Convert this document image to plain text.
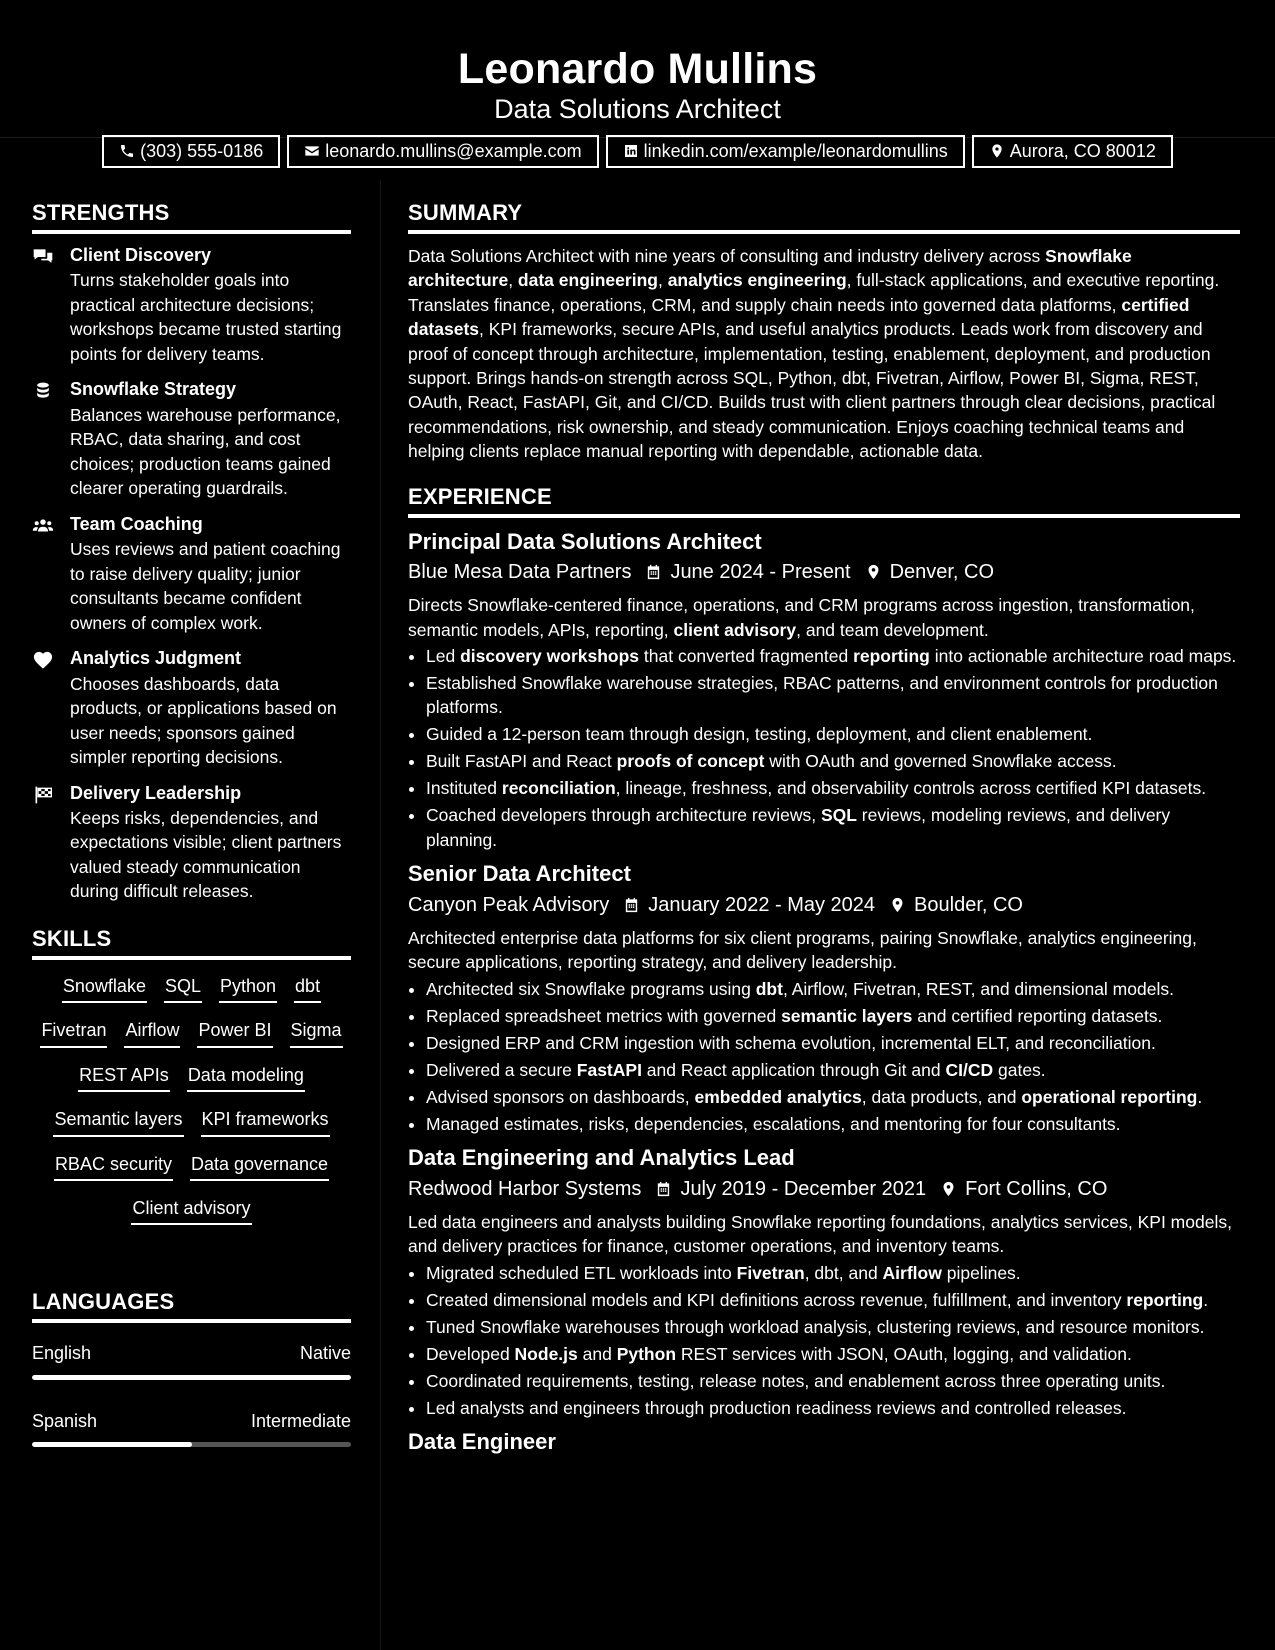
Leonardo Mullins
Data Solutions Architect
(303) 555-0186	leonardo.mullins@example.com	linkedin.com/example/leonardomullins	Aurora, CO 80012
STRENGTHS
Client Discovery
Turns stakeholder goals into practical architecture decisions; workshops became trusted starting points for delivery teams.
Snowflake Strategy
Balances warehouse performance, RBAC, data sharing, and cost choices; production teams gained clearer operating guardrails.
Team Coaching
Uses reviews and patient coaching to raise delivery quality; junior consultants became confident owners of complex work.
Analytics Judgment
Chooses dashboards, data products, or applications based on user needs; sponsors gained simpler reporting decisions.
Delivery Leadership
Keeps risks, dependencies, and expectations visible; client partners valued steady communication during difficult releases.
SKILLS
Snowflake SQL Python dbt
Fivetran Airflow Power BI Sigma
REST APIs Data modeling
Semantic layers KPI frameworks
RBAC security Data governance
Client advisory
LANGUAGES
English	Native
Spanish	Intermediate
SUMMARY
Data Solutions Architect with nine years of consulting and industry delivery across Snowflake architecture, data engineering, analytics engineering, full-stack applications, and executive reporting. Translates finance, operations, CRM, and supply chain needs into governed data platforms, certified datasets, KPI frameworks, secure APIs, and useful analytics products. Leads work from discovery and proof of concept through architecture, implementation, testing, enablement, deployment, and production support. Brings hands-on strength across SQL, Python, dbt, Fivetran, Airflow, Power BI, Sigma, REST, OAuth, React, FastAPI, Git, and CI/CD. Builds trust with client partners through clear decisions, practical recommendations, risk ownership, and steady communication. Enjoys coaching technical teams and helping clients replace manual reporting with dependable, actionable data.
EXPERIENCE
Principal Data Solutions Architect
Blue Mesa Data Partners June 2024 - Present Denver, CO
Directs Snowflake-centered finance, operations, and CRM programs across ingestion, transformation, semantic models, APIs, reporting, client advisory, and team development.
• Led discovery workshops that converted fragmented reporting into actionable architecture road maps.
• Established Snowflake warehouse strategies, RBAC patterns, and environment controls for production platforms.
• Guided a 12-person team through design, testing, deployment, and client enablement.
• Built FastAPI and React proofs of concept with OAuth and governed Snowflake access.
• Instituted reconciliation, lineage, freshness, and observability controls across certified KPI datasets.
• Coached developers through architecture reviews, SQL reviews, modeling reviews, and delivery planning.
Senior Data Architect
Canyon Peak Advisory January 2022 - May 2024 Boulder, CO
Architected enterprise data platforms for six client programs, pairing Snowflake, analytics engineering, secure applications, reporting strategy, and delivery leadership.
• Architected six Snowflake programs using dbt, Airflow, Fivetran, REST, and dimensional models.
• Replaced spreadsheet metrics with governed semantic layers and certified reporting datasets.
• Designed ERP and CRM ingestion with schema evolution, incremental ELT, and reconciliation.
• Delivered a secure FastAPI and React application through Git and CI/CD gates.
• Advised sponsors on dashboards, embedded analytics, data products, and operational reporting.
• Managed estimates, risks, dependencies, escalations, and mentoring for four consultants.
Data Engineering and Analytics Lead
Redwood Harbor Systems July 2019 - December 2021 Fort Collins, CO
Led data engineers and analysts building Snowflake reporting foundations, analytics services, KPI models, and delivery practices for finance, customer operations, and inventory teams.
• Migrated scheduled ETL workloads into Fivetran, dbt, and Airflow pipelines.
• Created dimensional models and KPI definitions across revenue, fulfillment, and inventory reporting.
• Tuned Snowflake warehouses through workload analysis, clustering reviews, and resource monitors.
• Developed Node.js and Python REST services with JSON, OAuth, logging, and validation.
• Coordinated requirements, testing, release notes, and enablement across three operating units.
• Led analysts and engineers through production readiness reviews and controlled releases.
Data Engineer
